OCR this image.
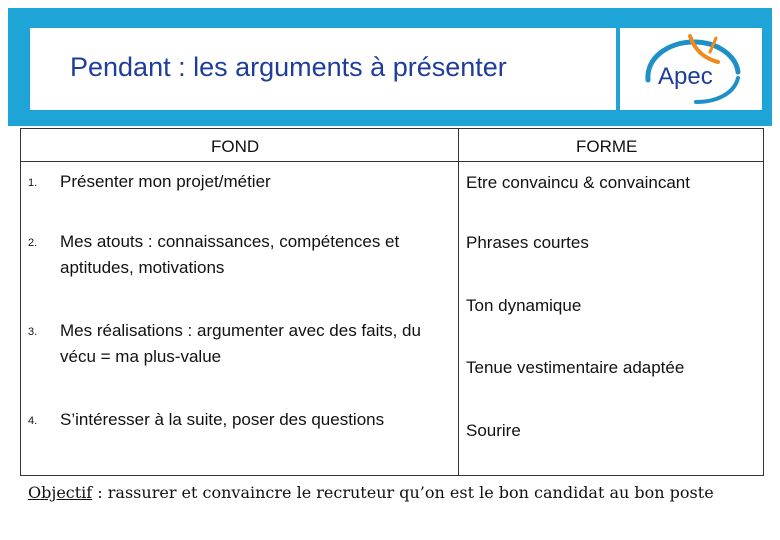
Pendant : les arguments à présenter	Apec
FOND	FORME
1. Présenter mon projet/métier
2. Mes atouts : connaissances, compétences et aptitudes, motivations
3. Mes réalisations : argumenter avec des faits, du vécu = ma plus-value
4. S’intéresser à la suite, poser des questions
Etre convaincu & convaincant
Phrases courtes
Ton dynamique
Tenue vestimentaire adaptée
Sourire
Objectif : rassurer et convaincre le recruteur qu’on est le bon candidat au bon poste
